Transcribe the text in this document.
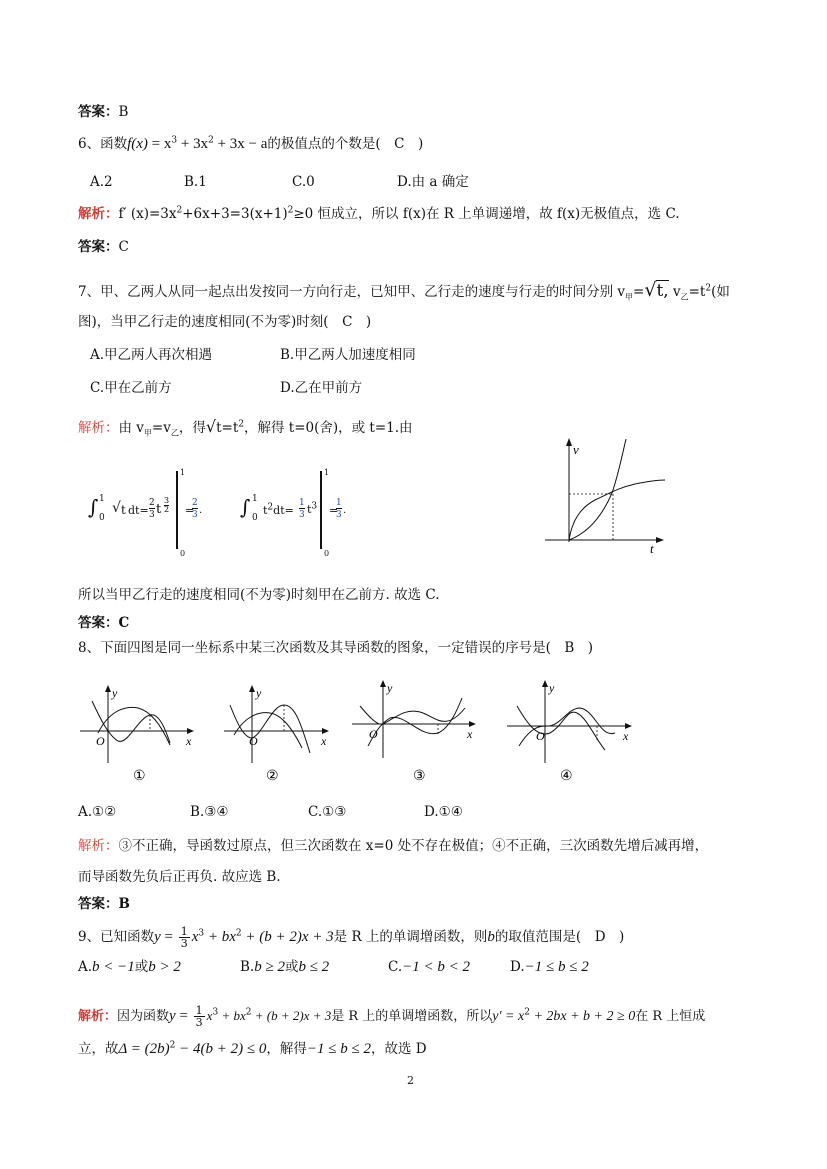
答案：B
6、函数$f(x) = x^3 + 3x^2 + 3x - a$的极值点的个数是(　C　)
A.2	B.1	C.0	D.由 a 确定
解析：f′ $(x)=3x^2+6x+3=3(x+1)^2\ge 0$ 恒成立，所以 f(x)在 R 上单调递增，故 f(x)无极值点，选 C.
答案：C
7、甲、乙两人从同一起点出发按同一方向行走，已知甲、乙行走的速度与行走的时间分别 $v_甲=√t$, $v_乙=t^2$(如
图)，当甲乙行走的速度相同(不为零)时刻(　C　)
A.甲乙两人再次相遇	B.甲乙两人加速度相同
C.甲在乙前方	D.乙在甲前方
解析：由 $v_甲=v_乙$，得$√t=t^2$，解得 t=0(舍)，或 t=1.由
∫ 1
0
√ t dt=
2
3 t
3
2
1
0
=
2
3 . ∫ 1
0
$t^2dt=$
1
3 $t^3$
1
0
=
1
3 .
v
t
所以当甲乙行走的速度相同(不为零)时刻甲在乙前方. 故选 C.
答案：C
8、下面四图是同一坐标系中某三次函数及其导函数的图象，一定错误的序号是(　B　)
y
x
O
①
y
x
O
②
y
x
O
③
y
x
O
④
A.①②	B.③④	C.①③	D.①④
解析：③不正确，导函数过原点，但三次函数在 x=0 处不存在极值；④不正确，三次函数先增后减再增，
而导函数先负后正再负. 故应选 B.
答案：B
9、已知函数$y = \frac{1}{3} x^3 + bx^2 + (b + 2)x + 3$是 R 上的单调增函数，则b的取值范围是(　D　)
A.b < −1或b > 2	B.b ≥ 2或b ≤ 2	C.−1 < b < 2	D.−1 ≤ b ≤ 2
解析：因为函数$y = \frac{1}{3} x^3 + bx^2 + (b + 2)x + 3$是 R 上的单调增函数，所以$y' = x^2 + 2bx + b + 2 \ge 0$在 R 上恒成
立，故$\Delta = (2b)^2 - 4(b + 2) \le 0$，解得−1 ≤ b ≤ 2，故选 D
2
